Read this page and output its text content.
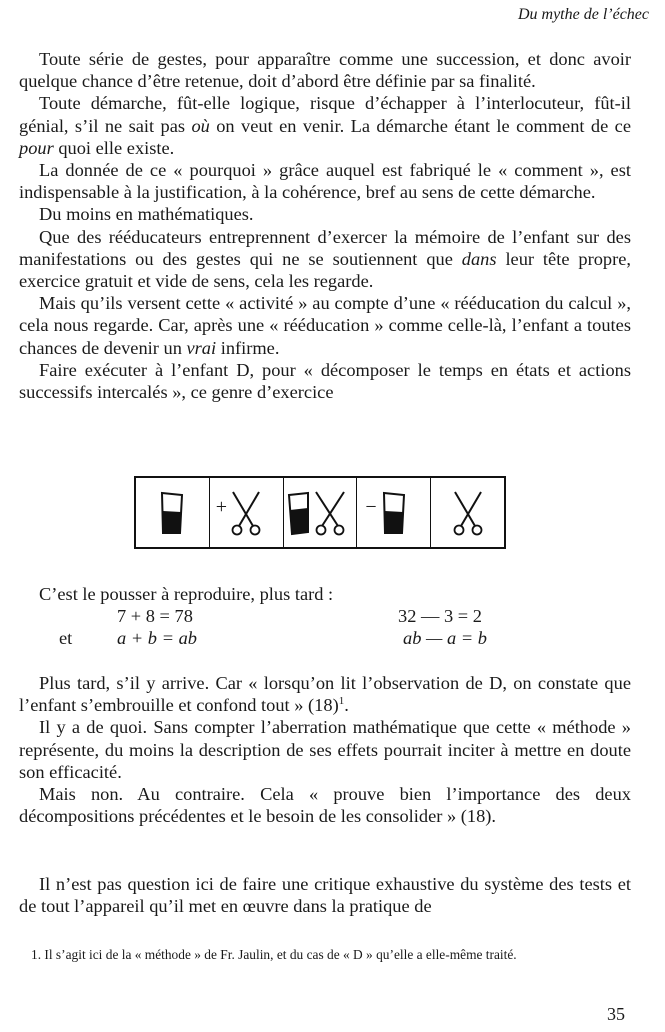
Du mythe de l’échec

Toute série de gestes, pour apparaître comme une succession, et donc avoir quelque chance d’être retenue, doit d’abord être définie par sa finalité.

Toute démarche, fût-elle logique, risque d’échapper à l’interlocuteur, fût-il génial, s’il ne sait pas où on veut en venir. La démarche étant le comment de ce pour quoi elle existe.

La donnée de ce « pourquoi » grâce auquel est fabriqué le « comment », est indispensable à la justification, à la cohérence, bref au sens de cette démarche.

Du moins en mathématiques.

Que des rééducateurs entreprennent d’exercer la mémoire de l’enfant sur des manifestations ou des gestes qui ne se soutiennent que dans leur tête propre, exercice gratuit et vide de sens, cela les regarde.

Mais qu’ils versent cette « activité » au compte d’une « rééducation du calcul », cela nous regarde. Car, après une « rééducation » comme celle-là, l’enfant a toutes chances de devenir un vrai infirme.

Faire exécuter à l’enfant D, pour « décomposer le temps en états et actions successifs intercalés », ce genre d’exercice

+	−

C’est le pousser à reproduire, plus tard :

7 + 8 = 78	32 — 3 = 2
et a + b = ab	ab — a = b

Plus tard, s’il y arrive. Car « lorsqu’on lit l’observation de D, on constate que l’enfant s’embrouille et confond tout » $(18)^1$.

Il y a de quoi. Sans compter l’aberration mathématique que cette « méthode » représente, du moins la description de ses effets pourrait inciter à mettre en doute son efficacité.

Mais non. Au contraire. Cela « prouve bien l’importance des deux décompositions précédentes et le besoin de les consolider » (18).

Il n’est pas question ici de faire une critique exhaustive du système des tests et de tout l’appareil qu’il met en œuvre dans la pratique de

1. Il s’agit ici de la « méthode » de Fr. Jaulin, et du cas de « D » qu’elle a elle-même traité.

35
